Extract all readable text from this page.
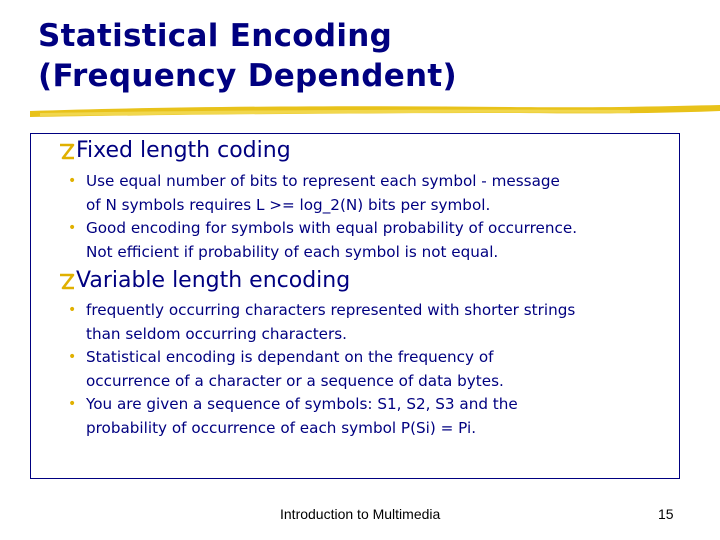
Statistical Encoding
(Frequency Dependent)
Fixed length coding
• Use equal number of bits to represent each symbol - message
of N symbols requires L >= log_2(N) bits per symbol.
• Good encoding for symbols with equal probability of occurrence.
Not efficient if probability of each symbol is not equal.
Variable length encoding
• frequently occurring characters represented with shorter strings
than seldom occurring characters.
• Statistical encoding is dependant on the frequency of
occurrence of a character or a sequence of data bytes.
• You are given a sequence of symbols: S1, S2, S3 and the
probability of occurrence of each symbol P(Si) = Pi.
Introduction to Multimedia	15
